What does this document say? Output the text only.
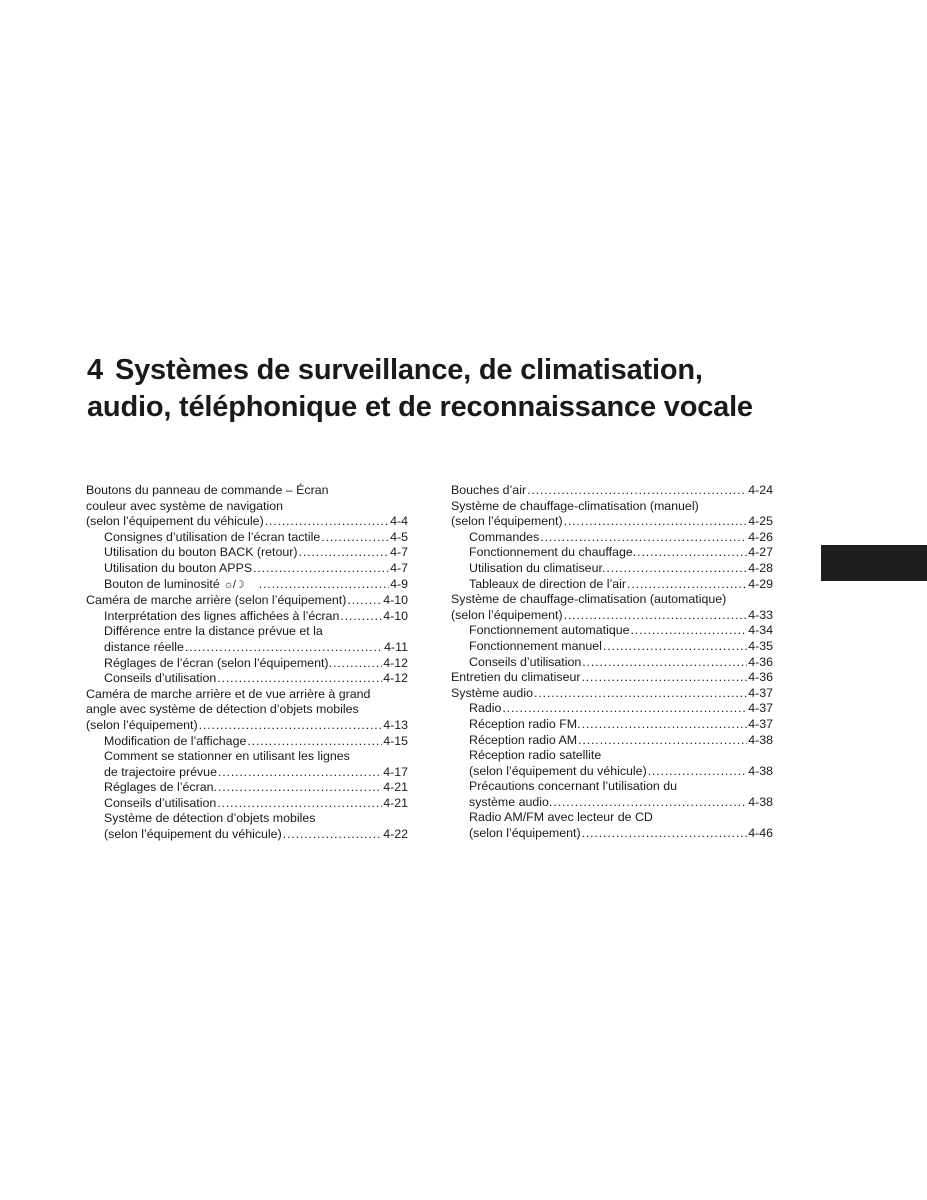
4 Systèmes de surveillance, de climatisation,
audio, téléphonique et de reconnaissance vocale
Boutons du panneau de commande – Écran
couleur avec système de navigation
(selon l’équipement du véhicule) . . .	4-4
Consignes d’utilisation de l’écran tactile . . .	4-5
Utilisation du bouton BACK (retour) . . .	4-7
Utilisation du bouton APPS . . .	4-7
Bouton de luminosité ☼/☽ . . .	4-9
Caméra de marche arrière (selon l’équipement) . . .	4-10
Interprétation des lignes affichées à l’écran . . .	4-10
Différence entre la distance prévue et la
distance réelle . . .	4-11
Réglages de l’écran (selon l’équipement). . . .	4-12
Conseils d’utilisation . . .	4-12
Caméra de marche arrière et de vue arrière à grand
angle avec système de détection d’objets mobiles
(selon l’équipement) . . .	4-13
Modification de l’affichage . . .	4-15
Comment se stationner en utilisant les lignes
de trajectoire prévue . . .	4-17
Réglages de l’écran. . . .	4-21
Conseils d’utilisation . . .	4-21
Système de détection d’objets mobiles
(selon l’équipement du véhicule) . . .	4-22
Bouches d’air . . .	4-24
Système de chauffage-climatisation (manuel)
(selon l’équipement) . . .	4-25
Commandes . . .	4-26
Fonctionnement du chauffage. . . .	4-27
Utilisation du climatiseur. . . .	4-28
Tableaux de direction de l’air . . .	4-29
Système de chauffage-climatisation (automatique)
(selon l’équipement) . . .	4-33
Fonctionnement automatique . . .	4-34
Fonctionnement manuel . . .	4-35
Conseils d’utilisation . . .	4-36
Entretien du climatiseur . . .	4-36
Système audio . . .	4-37
Radio . . .	4-37
Réception radio FM. . . .	4-37
Réception radio AM . . .	4-38
Réception radio satellite
(selon l’équipement du véhicule) . . .	4-38
Précautions concernant l’utilisation du
système audio. . . .	4-38
Radio AM/FM avec lecteur de CD
(selon l’équipement) . . .	4-46
